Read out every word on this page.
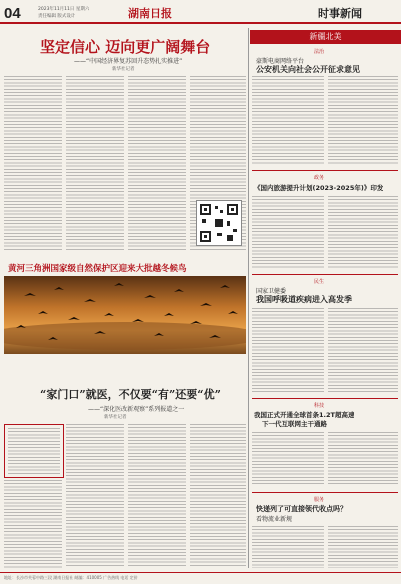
04	2023年11月11日 星期六
责任编辑 版式设计	湖南日报	时事新闻
坚定信心 迈向更广阔舞台
——“中国经济界复苏回升态势扎实推进”
新华社记者
黄河三角洲国家级自然保护区迎来大批越冬候鸟
“家门口”就医，不仅要“有”还要“优”
——“深化医改新观察”系列报道之一
新华社记者
新疆北美
法治
豪斯电商网络平台
公安机关向社会公开征求意见
政务
《国内旅游提升计划(2023-2025年)》印发
民生
国家卫健委
我国呼吸道疾病进入高发季
科技
我国正式开通全球首条1.2T超高速
下一代互联网主干通路
服务
快递列了可直接领代收点吗？
看物流业新规
地址：长沙市芙蓉中路三段 湖南日报社 邮编：410005 广告热线 电话 定价
